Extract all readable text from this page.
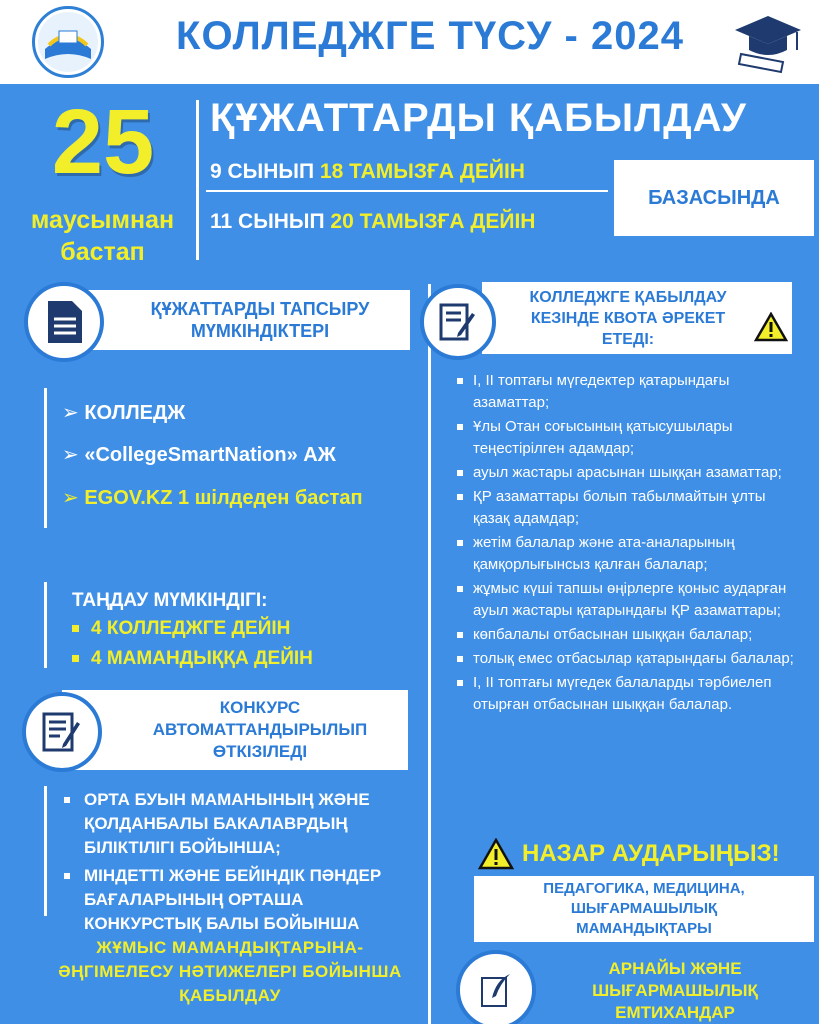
КОЛЛЕДЖГЕ ТҮСУ - 2024
25
маусымнан
бастап
ҚҰЖАТТАРДЫ ҚАБЫЛДАУ
9 СЫНЫП 18 ТАМЫЗҒА ДЕЙІН
11 СЫНЫП 20 ТАМЫЗҒА ДЕЙІН
БАЗАСЫНДА
ҚҰЖАТТАРДЫ ТАПСЫРУ МҮМКІНДІКТЕРІ
➢ КОЛЛЕДЖ
➢ «CollegeSmartNation» АЖ
➢ EGOV.KZ 1 шілдеден бастап
ТАҢДАУ МҮМКІНДІГІ:
4 КОЛЛЕДЖГЕ ДЕЙІН
4 МАМАНДЫҚҚА ДЕЙІН
КОНКУРС АВТОМАТТАНДЫРЫЛЫП ӨТКІЗІЛЕДІ
ОРТА БУЫН МАМАНЫНЫҢ ЖӘНЕ ҚОЛДАНБАЛЫ БАКАЛАВРДЫҢ БІЛІКТІЛІГІ БОЙЫНША;
МІНДЕТТІ ЖӘНЕ БЕЙІНДІК ПӘНДЕР БАҒАЛАРЫНЫҢ ОРТАША КОНКУРСТЫҚ БАЛЫ БОЙЫНША
ЖҰМЫС МАМАНДЫҚТАРЫНА- ӘҢГІМЕЛЕСУ НӘТИЖЕЛЕРІ БОЙЫНША ҚАБЫЛДАУ
КОЛЛЕДЖГЕ ҚАБЫЛДАУ КЕЗІНДЕ КВОТА ӘРЕКЕТ ЕТЕДІ:
I, II топтағы мүгедектер қатарындағы азаматтар;
Ұлы Отан соғысының қатысушылары теңестірілген адамдар;
ауыл жастары арасынан шыққан азаматтар;
ҚР азаматтары болып табылмайтын ұлты қазақ адамдар;
жетім балалар және ата-аналарының қамқорлығынсыз қалған балалар;
жұмыс күші тапшы өңірлерге қоныс аударған ауыл жастары қатарындағы ҚР азаматтары;
көпбалалы отбасынан шыққан балалар;
толық емес отбасылар қатарындағы балалар;
I, II топтағы мүгедек балаларды тәрбиелеп отырған отбасынан шыққан балалар.
НАЗАР АУДАРЫҢЫЗ!
ПЕДАГОГИКА, МЕДИЦИНА, ШЫҒАРМАШЫЛЫҚ МАМАНДЫҚТАРЫ
АРНАЙЫ ЖӘНЕ ШЫҒАРМАШЫЛЫҚ ЕМТИХАНДАР
